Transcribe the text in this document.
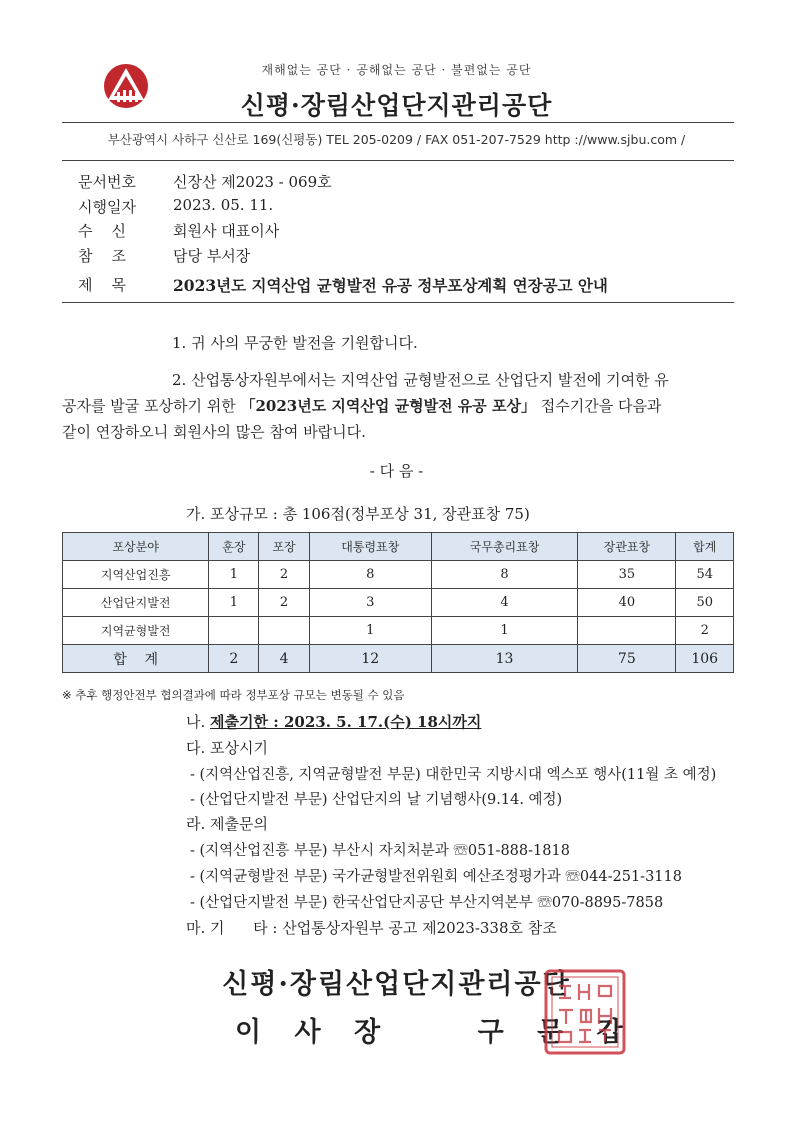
재해없는 공단 · 공해없는 공단 · 불편없는 공단
신평·장림산업단지관리공단
부산광역시 사하구 신산로 169(신평동) TEL 205-0209 / FAX 051-207-7529 http ://www.sjbu.com /
문서번호 신장산 제2023 - 069호
시행일자 2023. 05. 11.
수    신	회원사 대표이사
참    조	담당 부서장
제    목	2023년도 지역산업 균형발전 유공 정부포상계획 연장공고 안내
1. 귀 사의 무궁한 발전을 기원합니다.
2. 산업통상자원부에서는 지역산업 균형발전으로 산업단지 발전에 기여한 유
공자를 발굴 포상하기 위한 「2023년도 지역산업 균형발전 유공 포상」 접수기간을 다음과
같이 연장하오니 회원사의 많은 참여 바랍니다.
- 다 음 -
가. 포상규모 : 총 106점(정부포상 31, 장관표창 75)
포상분야	훈장	포장	대통령표창	국무총리표창	장관표창	합계
지역산업진흥	1	2	8	8	35	54
산업단지발전	1	2	3	4	40	50
지역균형발전			1	1		2
합    계	2	4	12	13	75	106
※ 추후 행정안전부 협의결과에 따라 정부포상 규모는 변동될 수 있음
나. 제출기한 : 2023. 5. 17.(수) 18시까지
다. 포상시기
- (지역산업진흥, 지역균형발전 부문) 대한민국 지방시대 엑스포 행사(11월 초 예정)
- (산업단지발전 부문) 산업단지의 날 기념행사(9.14. 예정)
라. 제출문의
- (지역산업진흥 부문) 부산시 자치처분과 ☏051-888-1818
- (지역균형발전 부문) 국가균형발전위원회 예산조정평가과 ☏044-251-3118
- (산업단지발전 부문) 한국산업단지공단 부산지역본부 ☏070-8895-7858
마. 기      타 : 산업통상자원부 공고 제2023-338호 참조
신평·장림산업단지관리공단
이 사 장    구 문 갑
